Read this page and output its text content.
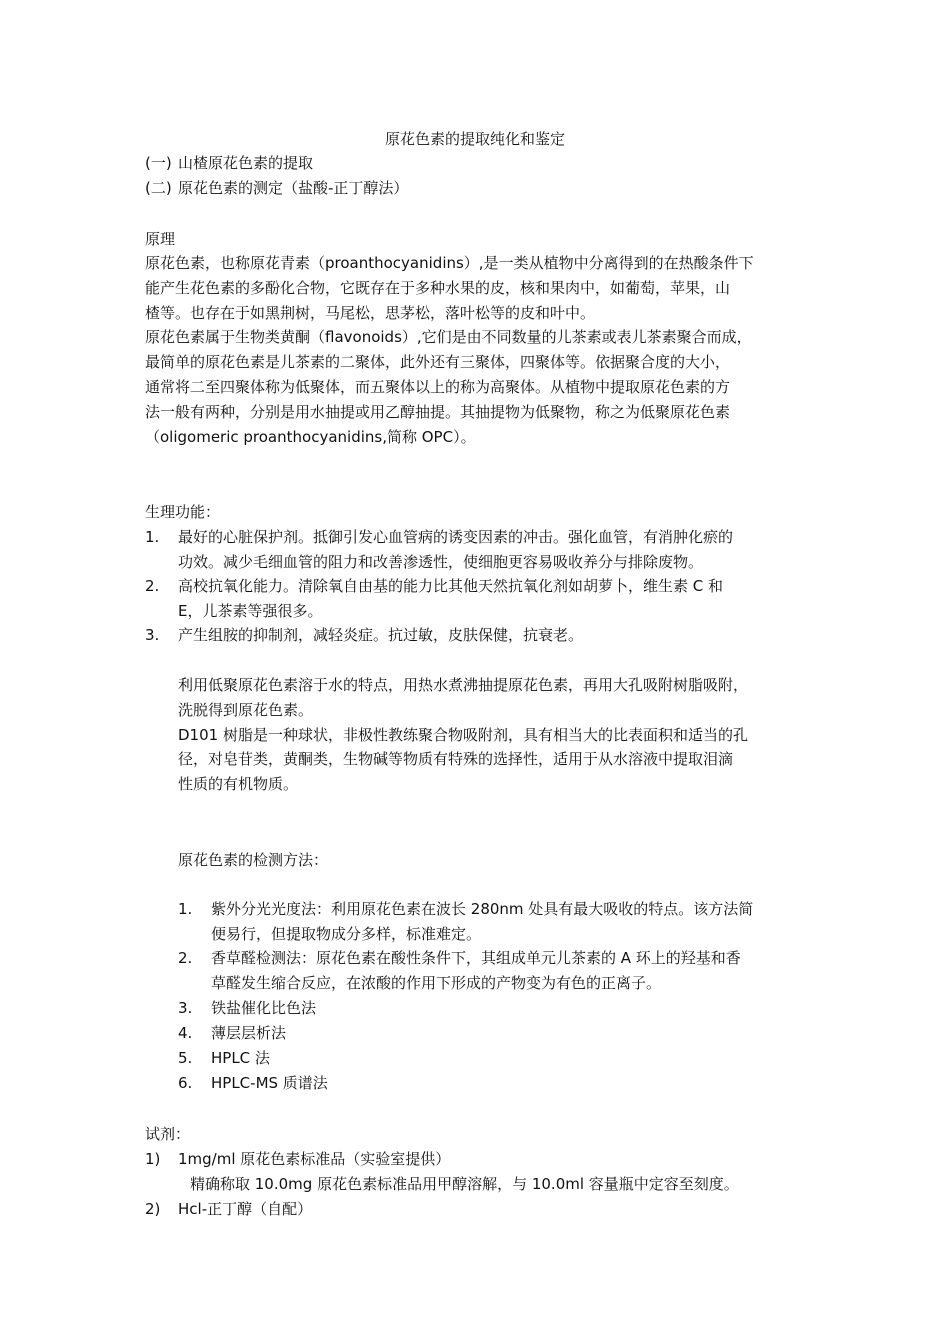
原花色素的提取纯化和鉴定
(一) 山楂原花色素的提取
(二) 原花色素的测定（盐酸-正丁醇法）
原理

原花色素，也称原花青素（proanthocyanidins）,是一类从植物中分离得到的在热酸条件下

能产生花色素的多酚化合物，它既存在于多种水果的皮，核和果肉中，如葡萄，苹果，山

楂等。也存在于如黑荆树，马尾松，思茅松，落叶松等的皮和叶中。

原花色素属于生物类黄酮（flavonoids）,它们是由不同数量的儿茶素或表儿茶素聚合而成，

最简单的原花色素是儿茶素的二聚体，此外还有三聚体，四聚体等。依据聚合度的大小，

通常将二至四聚体称为低聚体，而五聚体以上的称为高聚体。从植物中提取原花色素的方

法一般有两种，分别是用水抽提或用乙醇抽提。其抽提物为低聚物，称之为低聚原花色素

（oligomeric proanthocyanidins,简称 OPC）。

生理功能：
1. 最好的心脏保护剂。抵御引发心血管病的诱变因素的冲击。强化血管，有消肿化瘀的

功效。减少毛细血管的阻力和改善渗透性，使细胞更容易吸收养分与排除废物。

2. 高校抗氧化能力。清除氧自由基的能力比其他天然抗氧化剂如胡萝卜，维生素 C 和

E，儿茶素等强很多。

3. 产生组胺的抑制剂，减轻炎症。抗过敏，皮肤保健，抗衰老。

利用低聚原花色素溶于水的特点，用热水煮沸抽提原花色素，再用大孔吸附树脂吸附，

洗脱得到原花色素。

D101 树脂是一种球状，非极性教练聚合物吸附剂，具有相当大的比表面积和适当的孔

径，对皂苷类，黄酮类，生物碱等物质有特殊的选择性，适用于从水溶液中提取泪滴

性质的有机物质。

原花色素的检测方法：
1. 紫外分光光度法：利用原花色素在波长 280nm 处具有最大吸收的特点。该方法简

便易行，但提取物成分多样，标准难定。

2. 香草醛检测法：原花色素在酸性条件下，其组成单元儿茶素的 A 环上的羟基和香

草醛发生缩合反应，在浓酸的作用下形成的产物变为有色的正离子。

3. 铁盐催化比色法
4. 薄层层析法
5. HPLC 法
6. HPLC-MS 质谱法
试剂：
1) 1mg/ml 原花色素标准品（实验室提供）
精确称取 10.0mg 原花色素标准品用甲醇溶解，与 10.0ml 容量瓶中定容至刻度。
2) Hcl-正丁醇（自配）
